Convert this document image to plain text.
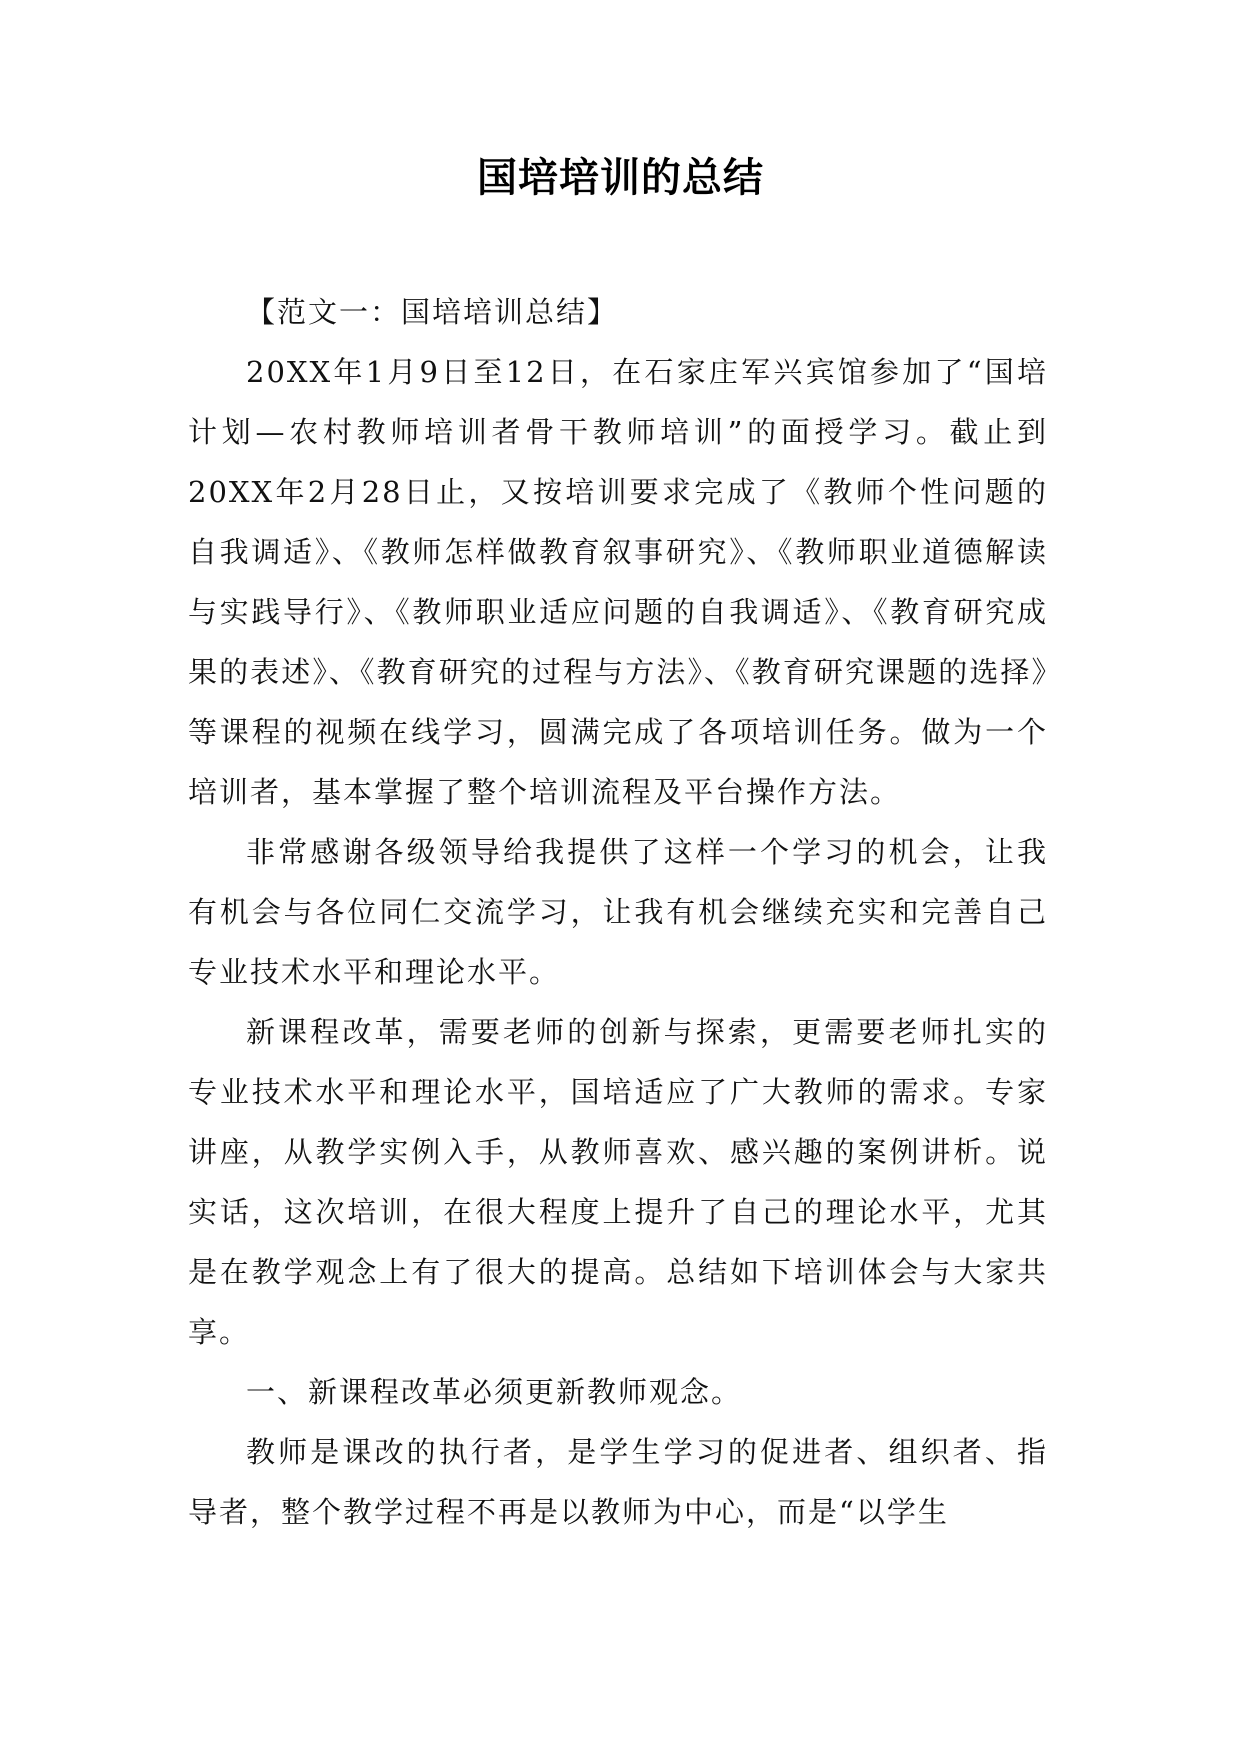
国培培训的总结

【范文一：国培培训总结】

20XX年1月9日至12日，在石家庄军兴宾馆参加了“国培计划—农村教师培训者骨干教师培训”的面授学习。截止到20XX年2月28日止，又按培训要求完成了《教师个性问题的自我调适》、《教师怎样做教育叙事研究》、《教师职业道德解读与实践导行》、《教师职业适应问题的自我调适》、《教育研究成果的表述》、《教育研究的过程与方法》、《教育研究课题的选择》等课程的视频在线学习，圆满完成了各项培训任务。做为一个培训者，基本掌握了整个培训流程及平台操作方法。

非常感谢各级领导给我提供了这样一个学习的机会，让我有机会与各位同仁交流学习，让我有机会继续充实和完善自己专业技术水平和理论水平。

新课程改革，需要老师的创新与探索，更需要老师扎实的专业技术水平和理论水平，国培适应了广大教师的需求。专家讲座，从教学实例入手，从教师喜欢、感兴趣的案例讲析。说实话，这次培训，在很大程度上提升了自己的理论水平，尤其是在教学观念上有了很大的提高。总结如下培训体会与大家共享。

一、新课程改革必须更新教师观念。

教师是课改的执行者，是学生学习的促进者、组织者、指导者，整个教学过程不再是以教师为中心，而是“以学生
